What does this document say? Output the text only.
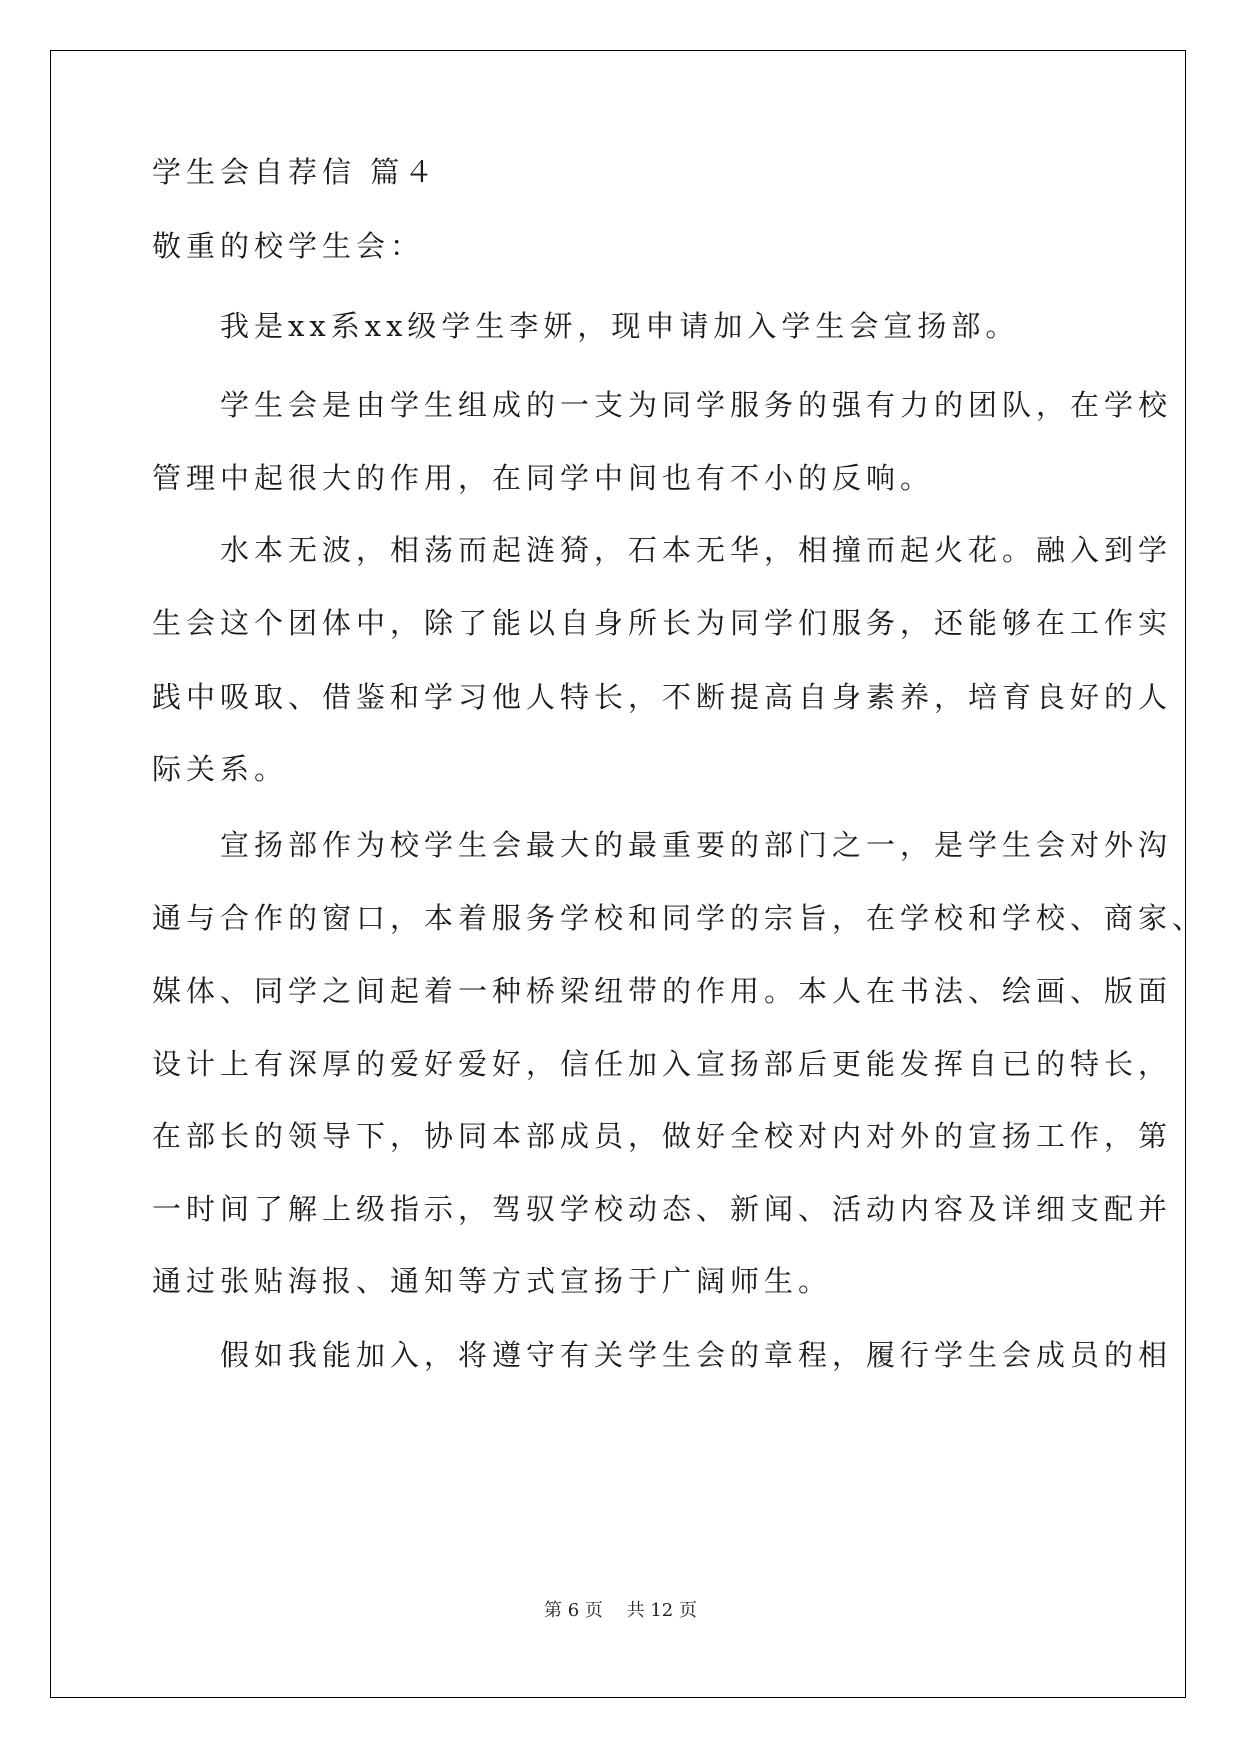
学生会自荐信 篇４
敬重的校学生会：
　　我是xx系xx级学生李妍，现申请加入学生会宣扬部。
　　学生会是由学生组成的一支为同学服务的强有力的团队，在学校
管理中起很大的作用，在同学中间也有不小的反响。
　　水本无波，相荡而起涟猗，石本无华，相撞而起火花。融入到学
生会这个团体中，除了能以自身所长为同学们服务，还能够在工作实
践中吸取、借鉴和学习他人特长，不断提高自身素养，培育良好的人
际关系。
　　宣扬部作为校学生会最大的最重要的部门之一，是学生会对外沟
通与合作的窗口，本着服务学校和同学的宗旨，在学校和学校、商家、
媒体、同学之间起着一种桥梁纽带的作用。本人在书法、绘画、版面
设计上有深厚的爱好爱好，信任加入宣扬部后更能发挥自已的特长，
在部长的领导下，协同本部成员，做好全校对内对外的宣扬工作，第
一时间了解上级指示，驾驭学校动态、新闻、活动内容及详细支配并
通过张贴海报、通知等方式宣扬于广阔师生。
　　假如我能加入，将遵守有关学生会的章程，履行学生会成员的相
第 6 页　 共 12 页
